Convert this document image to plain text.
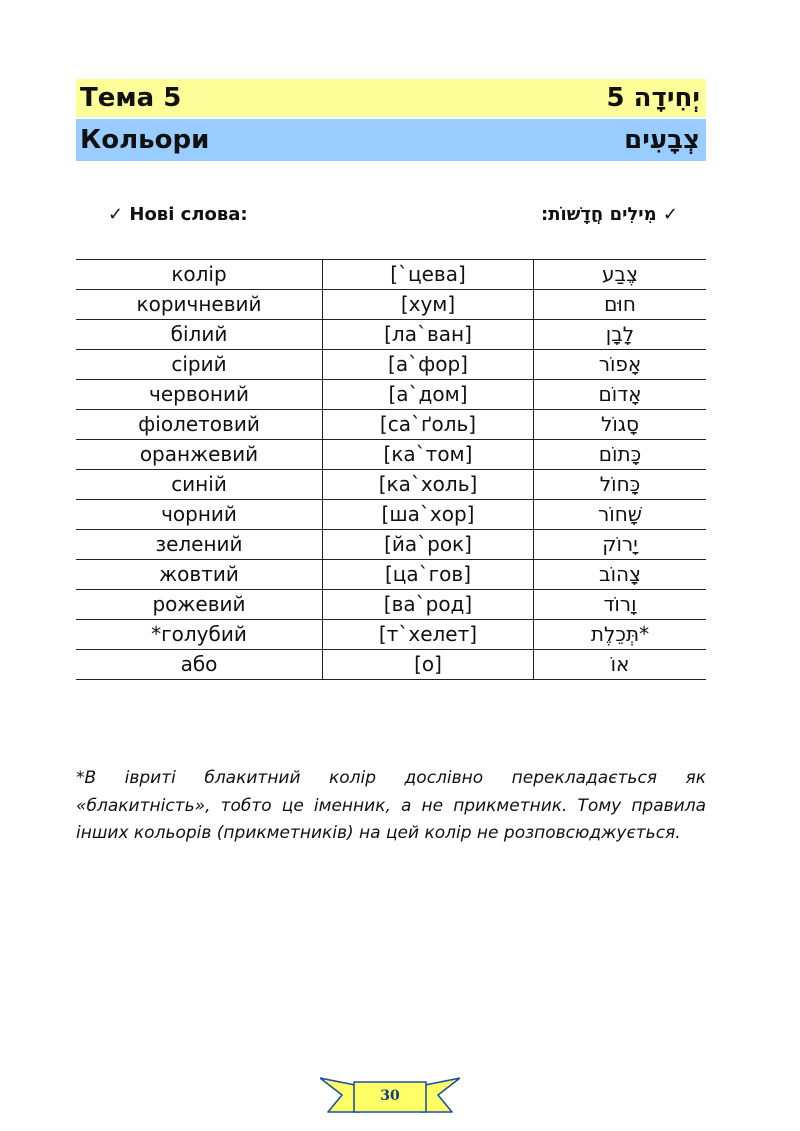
Тема 5	יְחִידָה 5
Кольори	צְבָעִים
✓ Нові слова:	✓ מִילִים חֲדָשׁוֹת:
колір	[`цева]	צֶבַע
коричневий	[хум]	חוּם
білий	[ла`ван]	לָבָן
сірий	[а`фор]	אָפוֹר
червоний	[а`дом]	אָדוֹם
фіолетовий	[са`ґоль]	סָגוֹל
оранжевий	[ка`том]	כָּתוֹם
синій	[ка`холь]	כָּחוֹל
чорний	[ша`хор]	שָׁחוֹר
зелений	[йа`рок]	יָרוֹק
жовтий	[ца`гов]	צָהוֹב
рожевий	[ва`род]	וָרוֹד
*голубий	[т`хелет]	*תְּכֵלֶת
або	[о]	אוֹ
*В івриті блакитний колір дослівно перекладається як «блакитність», тобто це іменник, а не прикметник. Тому правила інших кольорів (прикметників) на цей колір не розповсюджується.
30
